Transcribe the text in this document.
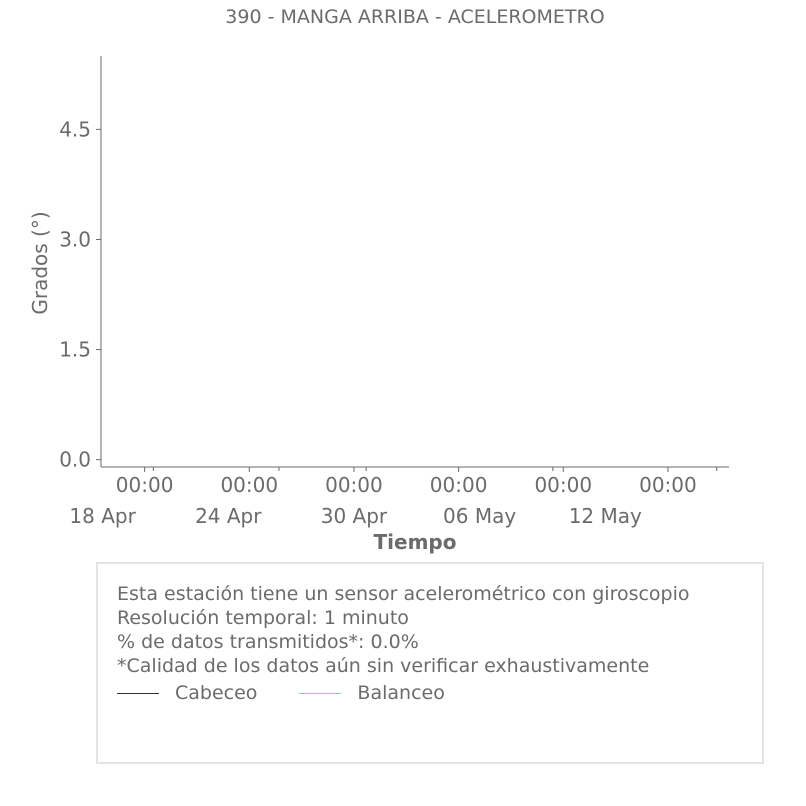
390 - MANGA ARRIBA - ACELEROMETRO
0.0
1.5
3.0
4.5
00:00 00:00 00:00 00:00 00:00 00:00
18 Apr	24 Apr	30 Apr	06 May	12 May
Grados (°)
Tiempo
Esta estación tiene un sensor acelerométrico con giroscopio
Resolución temporal: 1 minuto
% de datos transmitidos*: 0.0%
*Calidad de los datos aún sin verificar exhaustivamente
Cabeceo	Balanceo
